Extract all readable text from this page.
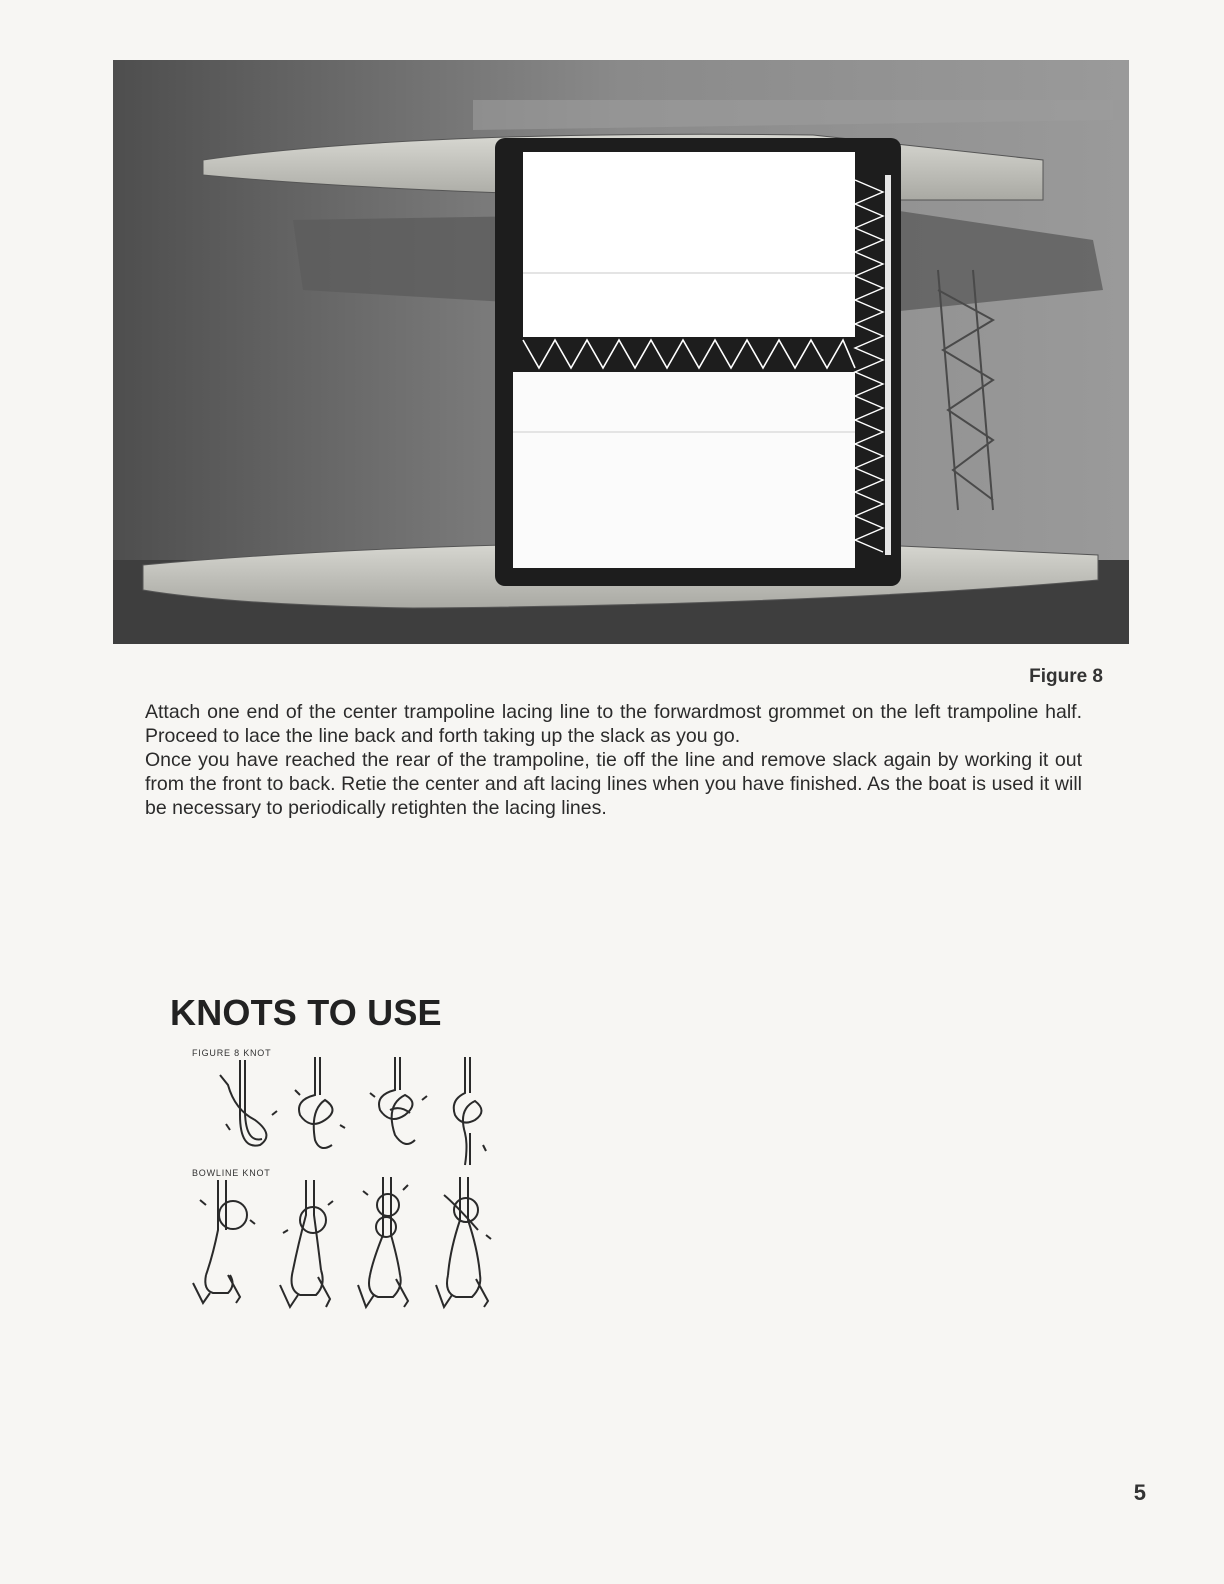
Figure 8

Attach one end of the center trampoline lacing line to the forwardmost grommet on the left trampoline half. Proceed to lace the line back and forth taking up the slack as you go.

Once you have reached the rear of the trampoline, tie off the line and remove slack again by working it out from the front to back. Retie the center and aft lacing lines when you have finished. As the boat is used it will be necessary to periodically retighten the lacing lines.

KNOTS TO USE
FIGURE 8 KNOT
BOWLINE KNOT
5
